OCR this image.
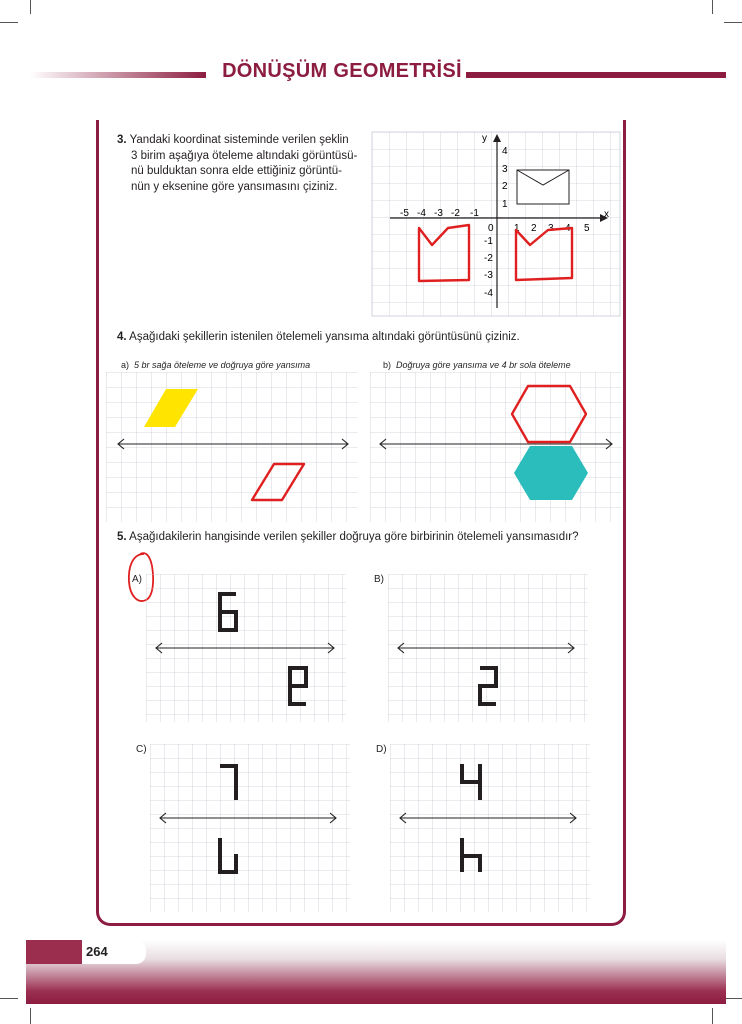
DÖNÜŞÜM GEOMETRİSİ
3. Yandaki koordinat sisteminde verilen şeklin
3 birim aşağıya öteleme altındaki görüntüsü-
nü bulduktan sonra elde ettiğiniz görüntü-
nün y eksenine göre yansımasını çiziniz.
x
y
0
-5 -4 -3 -2 -1
1 2 3 4 5
4
3
2
1
-1
-2
-3
-4
4. Aşağıdaki şekillerin istenilen ötelemeli yansıma altındaki görüntüsünü çiziniz.
a) 5 br sağa öteleme ve doğruya göre yansıma	b) Doğruya göre yansıma ve 4 br sola öteleme
5. Aşağıdakilerin hangisinde verilen şekiller doğruya göre birbirinin ötelemeli yansımasıdır?
A)	B)
C)	D)
264
